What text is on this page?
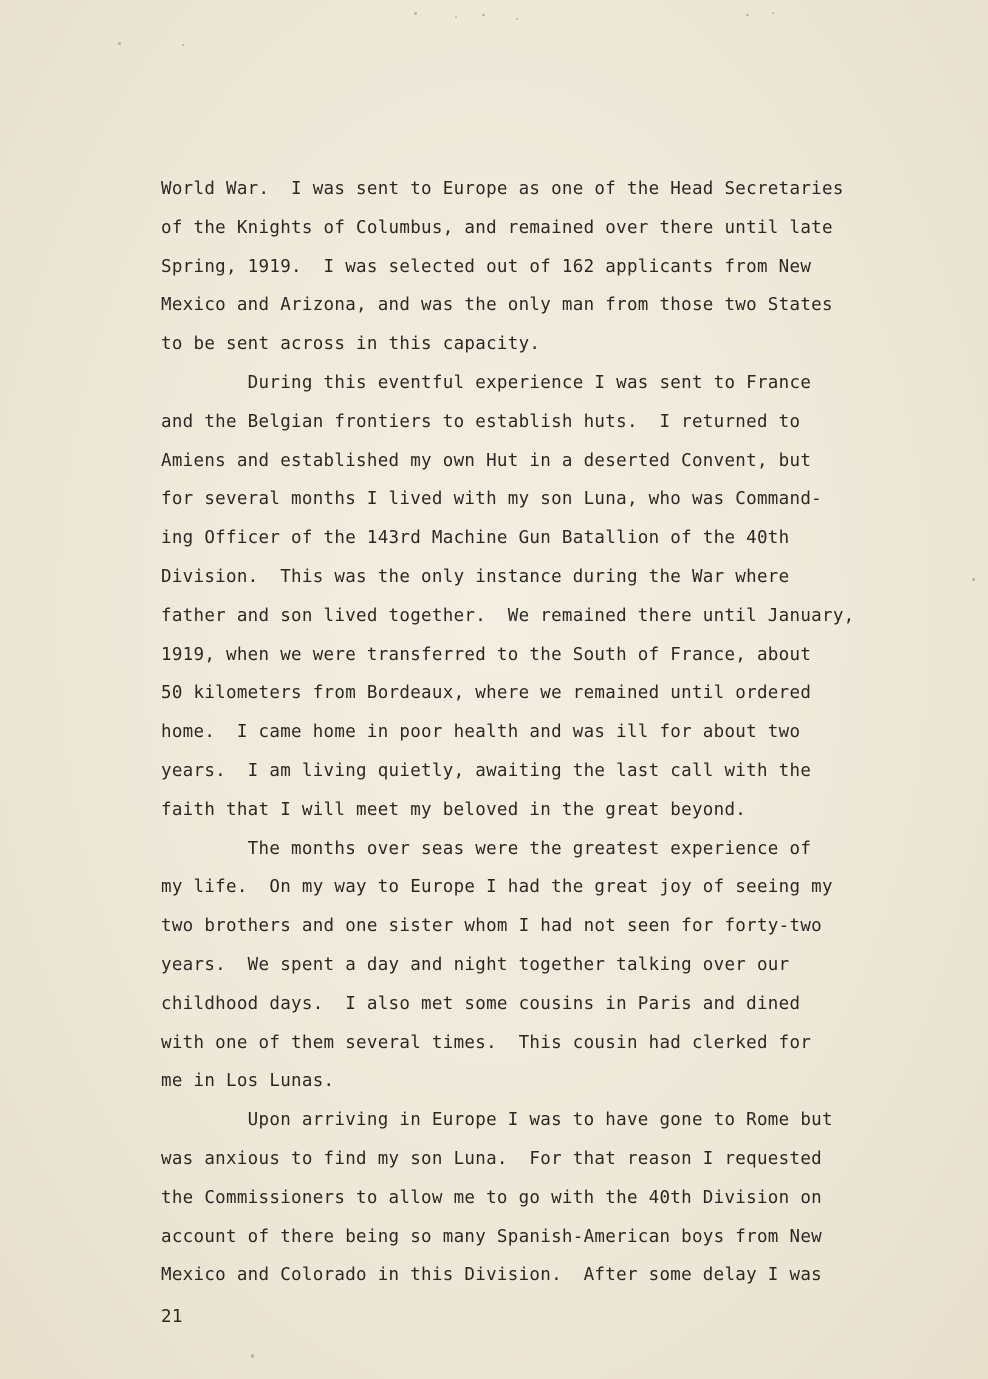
World War.  I was sent to Europe as one of the Head Secretaries
of the Knights of Columbus, and remained over there until late
Spring, 1919.  I was selected out of 162 applicants from New
Mexico and Arizona, and was the only man from those two States
to be sent across in this capacity.
During this eventful experience I was sent to France
and the Belgian frontiers to establish huts.  I returned to
Amiens and established my own Hut in a deserted Convent, but
for several months I lived with my son Luna, who was Command-
ing Officer of the 143rd Machine Gun Batallion of the 40th
Division.  This was the only instance during the War where
father and son lived together.  We remained there until January,
1919, when we were transferred to the South of France, about
50 kilometers from Bordeaux, where we remained until ordered
home.  I came home in poor health and was ill for about two
years.  I am living quietly, awaiting the last call with the
faith that I will meet my beloved in the great beyond.
The months over seas were the greatest experience of
my life.  On my way to Europe I had the great joy of seeing my
two brothers and one sister whom I had not seen for forty-two
years.  We spent a day and night together talking over our
childhood days.  I also met some cousins in Paris and dined
with one of them several times.  This cousin had clerked for
me in Los Lunas.
Upon arriving in Europe I was to have gone to Rome but
was anxious to find my son Luna.  For that reason I requested
the Commissioners to allow me to go with the 40th Division on
account of there being so many Spanish-American boys from New
Mexico and Colorado in this Division.  After some delay I was
21
